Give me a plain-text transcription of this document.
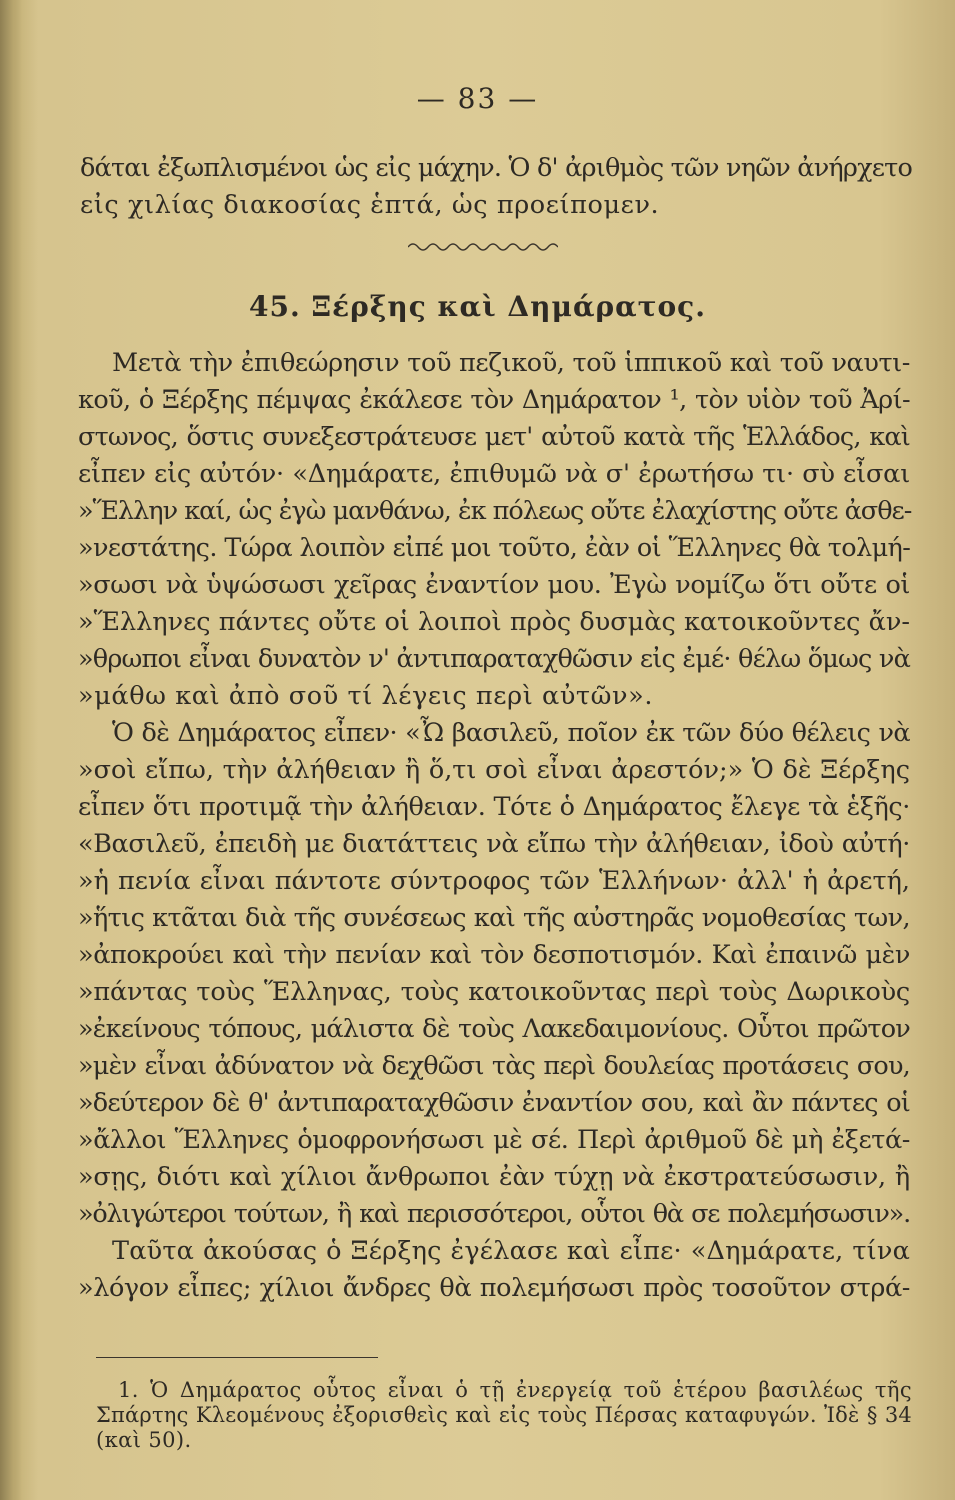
— 83 —
δάται ἐξωπλισμένοι ὡς εἰς μάχην. Ὁ δ' ἀριθμὸς τῶν νηῶν ἀνήρχετο
εἰς χιλίας διακοσίας ἑπτά, ὡς προείπομεν.
45. Ξέρξης καὶ Δημάρατος.
Μετὰ τὴν ἐπιθεώρησιν τοῦ πεζικοῦ, τοῦ ἱππικοῦ καὶ τοῦ ναυτι-
κοῦ, ὁ Ξέρξης πέμψας ἐκάλεσε τὸν Δημάρατον ¹, τὸν υἱὸν τοῦ Ἀρί-
στωνος, ὅστις συνεξεστράτευσε μετ' αὐτοῦ κατὰ τῆς Ἑλλάδος, καὶ
εἶπεν εἰς αὐτόν· «Δημάρατε, ἐπιθυμῶ νὰ σ' ἐρωτήσω τι· σὺ εἶσαι
»Ἕλλην καί, ὡς ἐγὼ μανθάνω, ἐκ πόλεως οὔτε ἐλαχίστης οὔτε ἀσθε-
»νεστάτης. Τώρα λοιπὸν εἰπέ μοι τοῦτο, ἐὰν οἱ Ἕλληνες θὰ τολμή-
»σωσι νὰ ὑψώσωσι χεῖρας ἐναντίον μου. Ἐγὼ νομίζω ὅτι οὔτε οἱ
»Ἕλληνες πάντες οὔτε οἱ λοιποὶ πρὸς δυσμὰς κατοικοῦντες ἄν-
»θρωποι εἶναι δυνατὸν ν' ἀντιπαραταχθῶσιν εἰς ἐμέ· θέλω ὅμως νὰ
»μάθω καὶ ἀπὸ σοῦ τί λέγεις περὶ αὐτῶν».
Ὁ δὲ Δημάρατος εἶπεν· «Ὦ βασιλεῦ, ποῖον ἐκ τῶν δύο θέλεις νὰ
»σοὶ εἴπω, τὴν ἀλήθειαν ἢ ὅ,τι σοὶ εἶναι ἀρεστόν;» Ὁ δὲ Ξέρξης
εἶπεν ὅτι προτιμᾷ τὴν ἀλήθειαν. Τότε ὁ Δημάρατος ἔλεγε τὰ ἑξῆς·
«Βασιλεῦ, ἐπειδὴ με διατάττεις νὰ εἴπω τὴν ἀλήθειαν, ἰδοὺ αὐτή·
»ἡ πενία εἶναι πάντοτε σύντροφος τῶν Ἑλλήνων· ἀλλ' ἡ ἀρετή,
»ἥτις κτᾶται διὰ τῆς συνέσεως καὶ τῆς αὐστηρᾶς νομοθεσίας των,
»ἀποκρούει καὶ τὴν πενίαν καὶ τὸν δεσποτισμόν. Καὶ ἐπαινῶ μὲν
»πάντας τοὺς Ἕλληνας, τοὺς κατοικοῦντας περὶ τοὺς Δωρικοὺς
»ἐκείνους τόπους, μάλιστα δὲ τοὺς Λακεδαιμονίους. Οὗτοι πρῶτον
»μὲν εἶναι ἀδύνατον νὰ δεχθῶσι τὰς περὶ δουλείας προτάσεις σου,
»δεύτερον δὲ θ' ἀντιπαραταχθῶσιν ἐναντίον σου, καὶ ἂν πάντες οἱ
»ἄλλοι Ἕλληνες ὁμοφρονήσωσι μὲ σέ. Περὶ ἀριθμοῦ δὲ μὴ ἐξετά-
»σῃς, διότι καὶ χίλιοι ἄνθρωποι ἐὰν τύχῃ νὰ ἐκστρατεύσωσιν, ἢ
»ὀλιγώτεροι τούτων, ἢ καὶ περισσότεροι, οὗτοι θὰ σε πολεμήσωσιν».
Ταῦτα ἀκούσας ὁ Ξέρξης ἐγέλασε καὶ εἶπε· «Δημάρατε, τίνα
»λόγον εἶπες; χίλιοι ἄνδρες θὰ πολεμήσωσι πρὸς τοσοῦτον στρά-
1. Ὁ Δημάρατος οὗτος εἶναι ὁ τῇ ἐνεργείᾳ τοῦ ἑτέρου βασιλέως τῆς
Σπάρτης Κλεομένους ἐξορισθεὶς καὶ εἰς τοὺς Πέρσας καταφυγών. Ἰδὲ § 34
(καὶ 50).
